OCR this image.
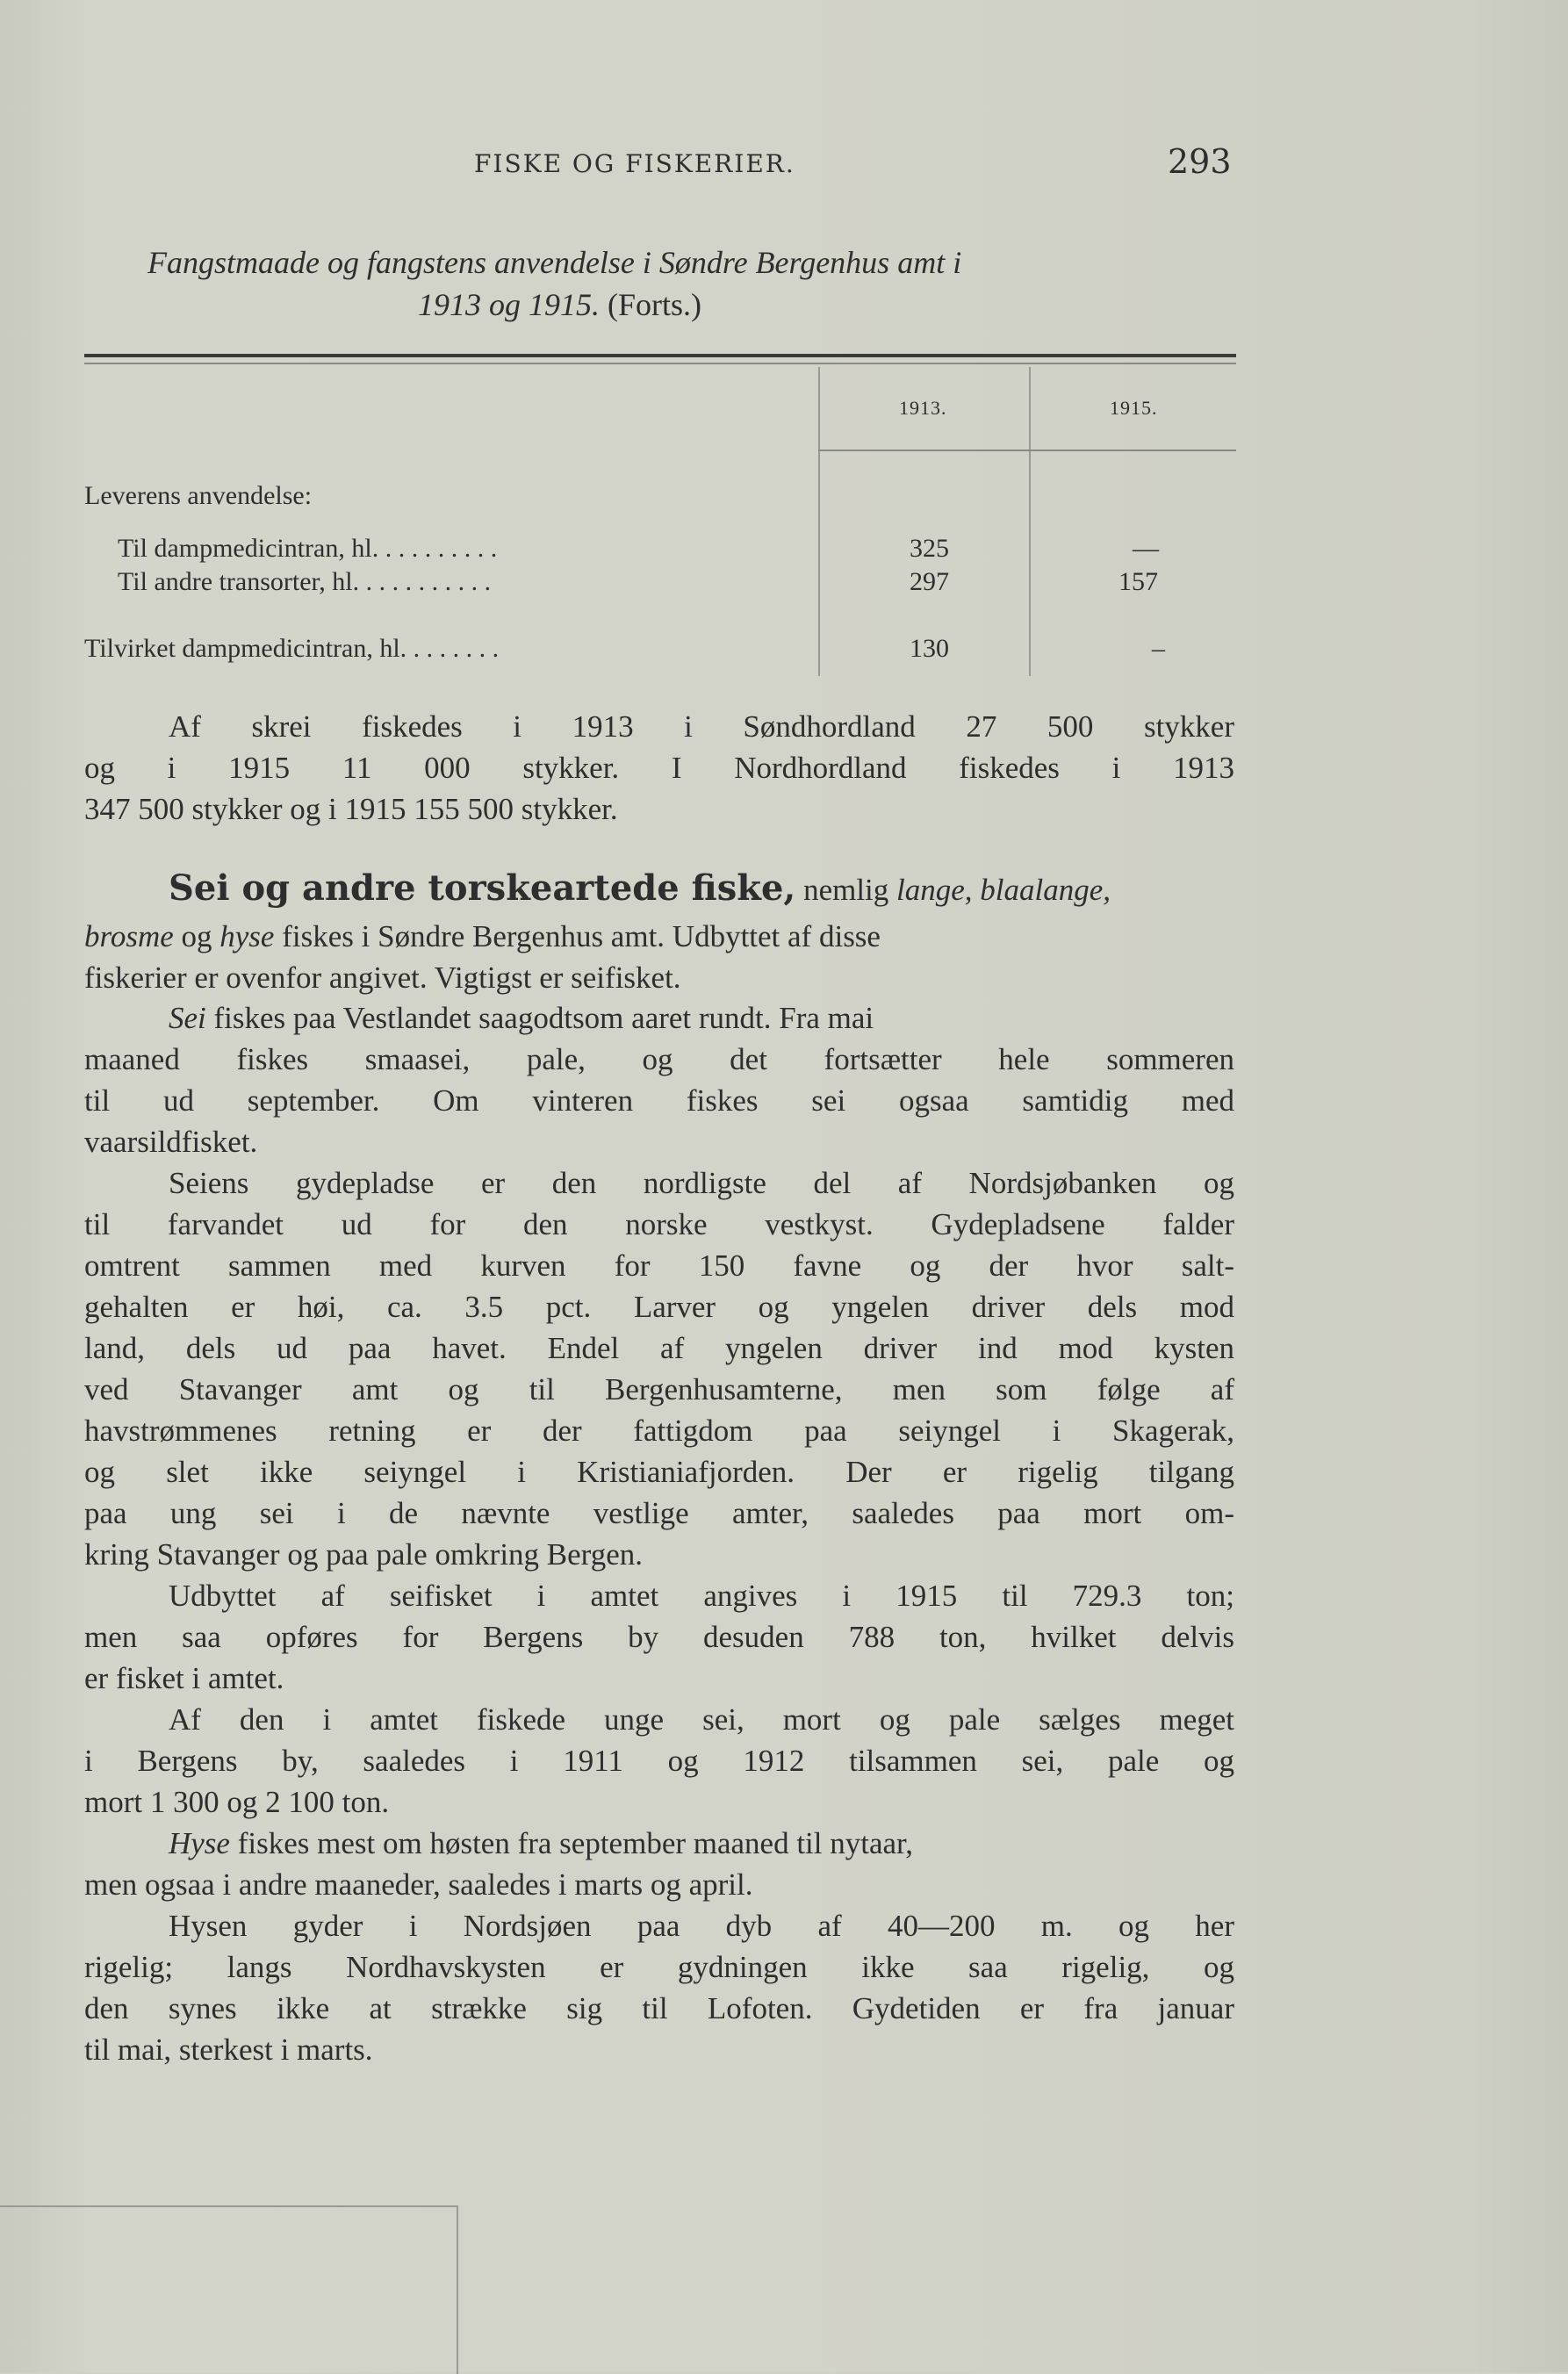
FISKE OG FISKERIER.	293
Fangstmaade og fangstens anvendelse i Søndre Bergenhus amt i
1913 og 1915. (Forts.)
1913.	1915.
Leverens anvendelse:
Til dampmedicintran, hl. . . . . . . . . .	325	—
Til andre transorter, hl. . . . . . . . . . .	297	157
Tilvirket dampmedicintran, hl. . . . . . . .	130	–
Af skrei fiskedes i 1913 i Søndhordland 27 500 stykker
og i 1915 11 000 stykker. I Nordhordland fiskedes i 1913
347 500 stykker og i 1915 155 500 stykker.
Sei og andre torskeartede fiske, nemlig lange, blaalange,
brosme og hyse fiskes i Søndre Bergenhus amt. Udbyttet af disse
fiskerier er ovenfor angivet. Vigtigst er seifisket.
Sei fiskes paa Vestlandet saagodtsom aaret rundt. Fra mai
maaned fiskes smaasei, pale, og det fortsætter hele sommeren
til ud september. Om vinteren fiskes sei ogsaa samtidig med
vaarsildfisket.
Seiens gydepladse er den nordligste del af Nordsjøbanken og
til farvandet ud for den norske vestkyst. Gydepladsene falder
omtrent sammen med kurven for 150 favne og der hvor salt-
gehalten er høi, ca. 3.5 pct. Larver og yngelen driver dels mod
land, dels ud paa havet. Endel af yngelen driver ind mod kysten
ved Stavanger amt og til Bergenhusamterne, men som følge af
havstrømmenes retning er der fattigdom paa seiyngel i Skagerak,
og slet ikke seiyngel i Kristianiafjorden. Der er rigelig tilgang
paa ung sei i de nævnte vestlige amter, saaledes paa mort om-
kring Stavanger og paa pale omkring Bergen.
Udbyttet af seifisket i amtet angives i 1915 til 729.3 ton;
men saa opføres for Bergens by desuden 788 ton, hvilket delvis
er fisket i amtet.
Af den i amtet fiskede unge sei, mort og pale sælges meget
i Bergens by, saaledes i 1911 og 1912 tilsammen sei, pale og
mort 1 300 og 2 100 ton.
Hyse fiskes mest om høsten fra september maaned til nytaar,
men ogsaa i andre maaneder, saaledes i marts og april.
Hysen gyder i Nordsjøen paa dyb af 40—200 m. og her
rigelig; langs Nordhavskysten er gydningen ikke saa rigelig, og
den synes ikke at strække sig til Lofoten. Gydetiden er fra januar
til mai, sterkest i marts.
